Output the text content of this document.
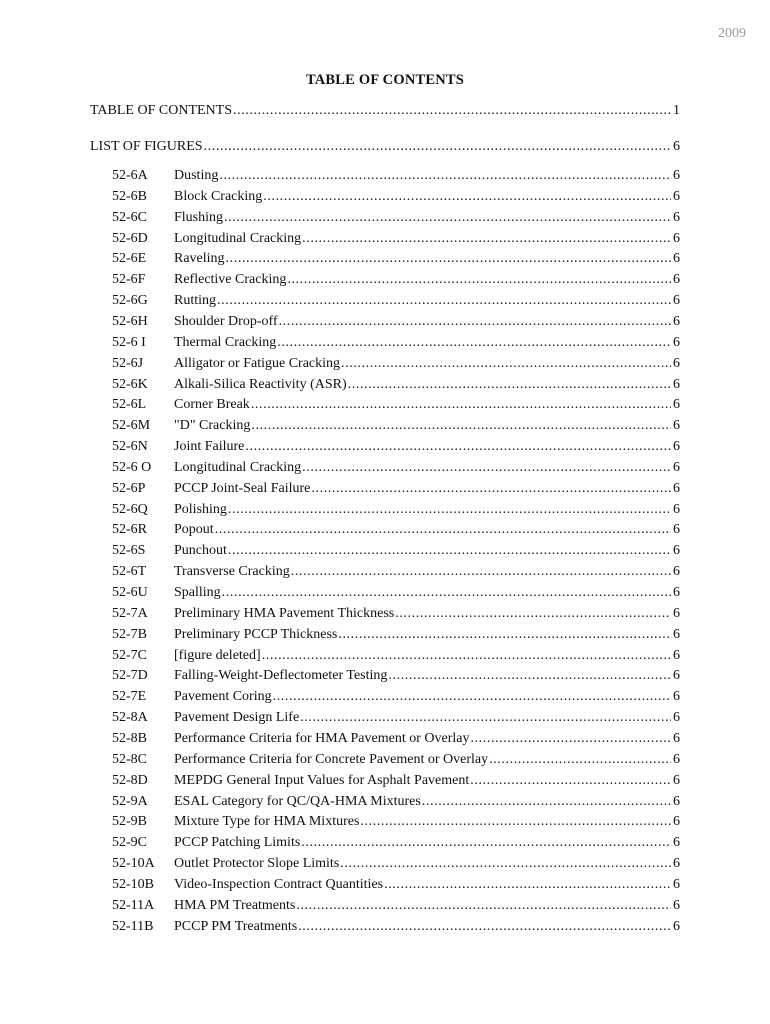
2009
TABLE OF CONTENTS
TABLE OF CONTENTS .....	1
LIST OF FIGURES .....	6
52-6A	Dusting .....	6
52-6B	Block Cracking .....	6
52-6C	Flushing .....	6
52-6D	Longitudinal Cracking .....	6
52-6E	Raveling .....	6
52-6F	Reflective Cracking .....	6
52-6G	Rutting .....	6
52-6H	Shoulder Drop-off .....	6
52-6 I	Thermal Cracking .....	6
52-6J	Alligator or Fatigue Cracking .....	6
52-6K	Alkali-Silica Reactivity (ASR) .....	6
52-6L	Corner Break .....	6
52-6M	"D" Cracking .....	6
52-6N	Joint Failure .....	6
52-6 O	Longitudinal Cracking .....	6
52-6P	PCCP Joint-Seal Failure .....	6
52-6Q	Polishing .....	6
52-6R	Popout .....	6
52-6S	Punchout .....	6
52-6T	Transverse Cracking .....	6
52-6U	Spalling .....	6
52-7A	Preliminary HMA Pavement Thickness .....	6
52-7B	Preliminary PCCP Thickness .....	6
52-7C	[figure deleted] .....	6
52-7D	Falling-Weight-Deflectometer Testing .....	6
52-7E	Pavement Coring .....	6
52-8A	Pavement Design Life .....	6
52-8B	Performance Criteria for HMA Pavement or Overlay .....	6
52-8C	Performance Criteria for Concrete Pavement or Overlay .....	6
52-8D	MEPDG General Input Values for Asphalt Pavement .....	6
52-9A	ESAL Category for QC/QA-HMA Mixtures .....	6
52-9B	Mixture Type for HMA Mixtures .....	6
52-9C	PCCP Patching Limits .....	6
52-10A	Outlet Protector Slope Limits .....	6
52-10B	Video-Inspection Contract Quantities .....	6
52-11A	HMA PM Treatments .....	6
52-11B	PCCP PM Treatments .....	6
